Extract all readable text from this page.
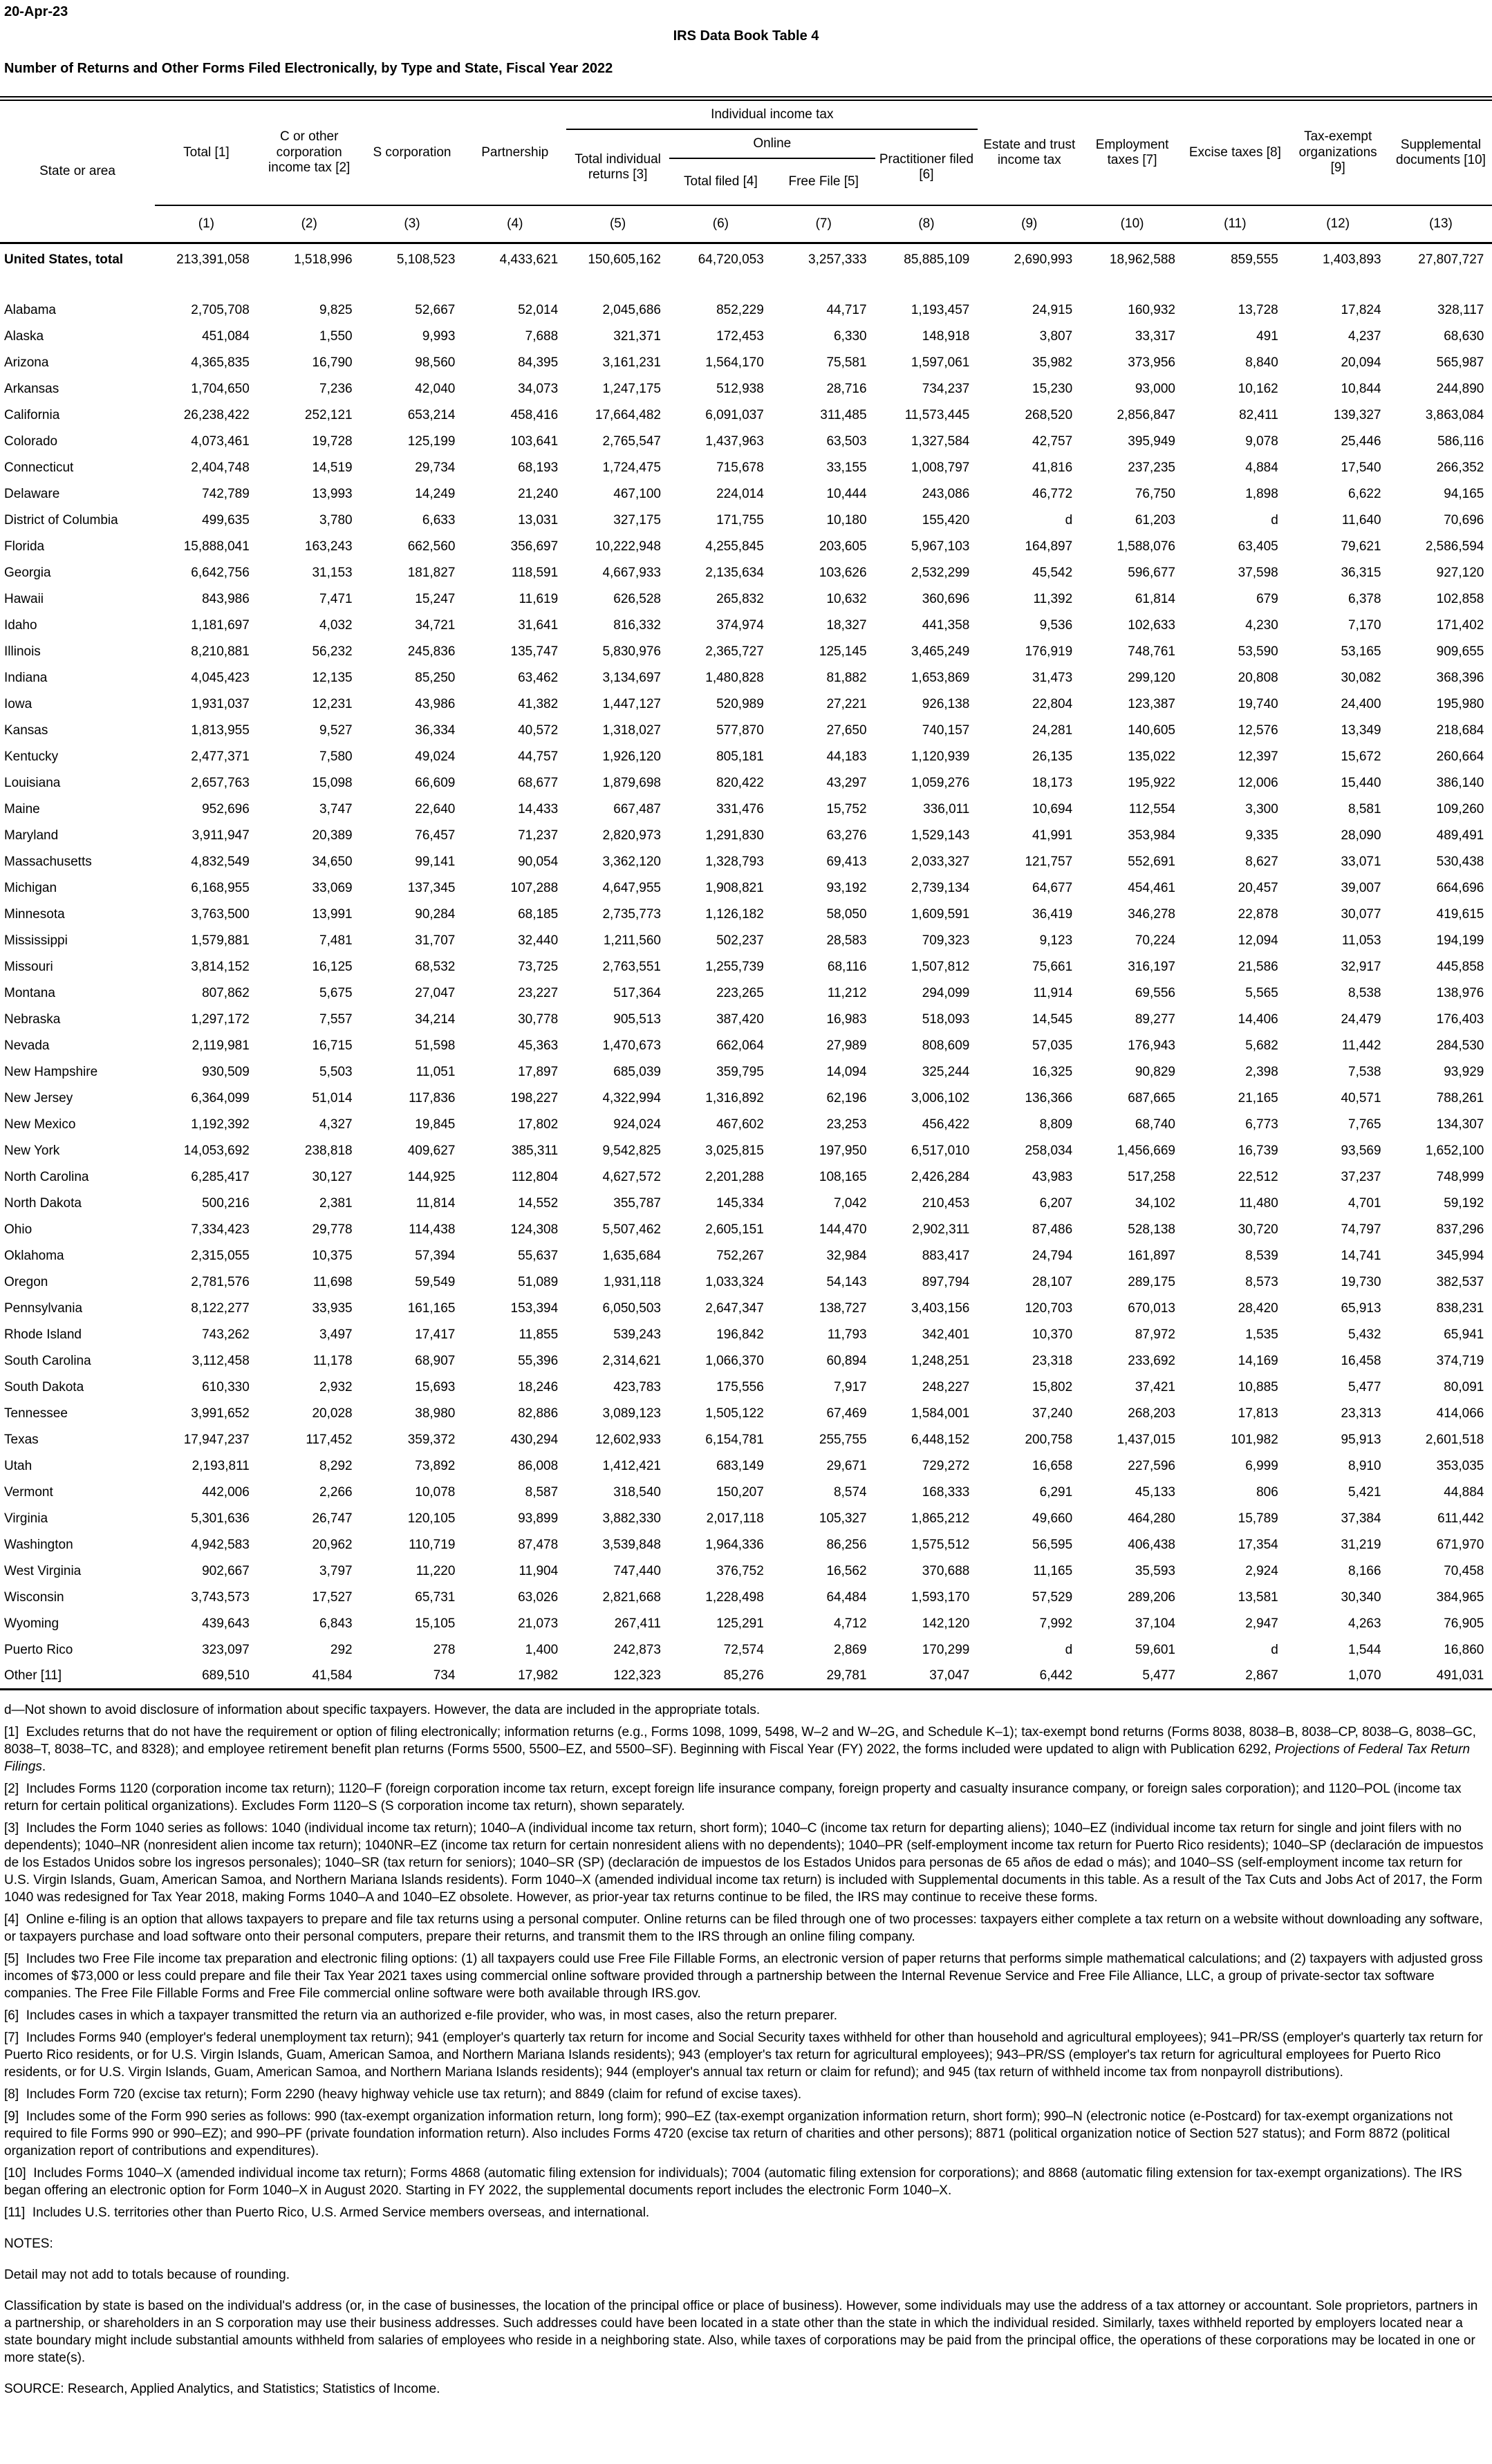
20-Apr-23
IRS Data Book Table 4
Number of Returns and Other Forms Filed Electronically, by Type and State, Fiscal Year 2022
State or area	Total [1]	C or other corporation income tax [2]	S corporation	Partnership	Individual income tax				Estate and trust income tax	Employment taxes [7]	Excise taxes [8]	Tax-exempt organizations [9]	Supplemental documents [10]
					Total individual returns [3]	Online		Practitioner filed [6]					
						Total filed [4]	Free File [5]						
	(1)	(2)	(3)	(4)	(5)	(6)	(7)	(8)	(9)	(10)	(11)	(12)	(13)
United States, total	213,391,058	1,518,996	5,108,523	4,433,621	150,605,162	64,720,053	3,257,333	85,885,109	2,690,993	18,962,588	859,555	1,403,893	27,807,727

Alabama	2,705,708	9,825	52,667	52,014	2,045,686	852,229	44,717	1,193,457	24,915	160,932	13,728	17,824	328,117
Alaska	451,084	1,550	9,993	7,688	321,371	172,453	6,330	148,918	3,807	33,317	491	4,237	68,630
Arizona	4,365,835	16,790	98,560	84,395	3,161,231	1,564,170	75,581	1,597,061	35,982	373,956	8,840	20,094	565,987
Arkansas	1,704,650	7,236	42,040	34,073	1,247,175	512,938	28,716	734,237	15,230	93,000	10,162	10,844	244,890
California	26,238,422	252,121	653,214	458,416	17,664,482	6,091,037	311,485	11,573,445	268,520	2,856,847	82,411	139,327	3,863,084
Colorado	4,073,461	19,728	125,199	103,641	2,765,547	1,437,963	63,503	1,327,584	42,757	395,949	9,078	25,446	586,116
Connecticut	2,404,748	14,519	29,734	68,193	1,724,475	715,678	33,155	1,008,797	41,816	237,235	4,884	17,540	266,352
Delaware	742,789	13,993	14,249	21,240	467,100	224,014	10,444	243,086	46,772	76,750	1,898	6,622	94,165
District of Columbia	499,635	3,780	6,633	13,031	327,175	171,755	10,180	155,420	d	61,203	d	11,640	70,696
Florida	15,888,041	163,243	662,560	356,697	10,222,948	4,255,845	203,605	5,967,103	164,897	1,588,076	63,405	79,621	2,586,594
Georgia	6,642,756	31,153	181,827	118,591	4,667,933	2,135,634	103,626	2,532,299	45,542	596,677	37,598	36,315	927,120
Hawaii	843,986	7,471	15,247	11,619	626,528	265,832	10,632	360,696	11,392	61,814	679	6,378	102,858
Idaho	1,181,697	4,032	34,721	31,641	816,332	374,974	18,327	441,358	9,536	102,633	4,230	7,170	171,402
Illinois	8,210,881	56,232	245,836	135,747	5,830,976	2,365,727	125,145	3,465,249	176,919	748,761	53,590	53,165	909,655
Indiana	4,045,423	12,135	85,250	63,462	3,134,697	1,480,828	81,882	1,653,869	31,473	299,120	20,808	30,082	368,396
Iowa	1,931,037	12,231	43,986	41,382	1,447,127	520,989	27,221	926,138	22,804	123,387	19,740	24,400	195,980
Kansas	1,813,955	9,527	36,334	40,572	1,318,027	577,870	27,650	740,157	24,281	140,605	12,576	13,349	218,684
Kentucky	2,477,371	7,580	49,024	44,757	1,926,120	805,181	44,183	1,120,939	26,135	135,022	12,397	15,672	260,664
Louisiana	2,657,763	15,098	66,609	68,677	1,879,698	820,422	43,297	1,059,276	18,173	195,922	12,006	15,440	386,140
Maine	952,696	3,747	22,640	14,433	667,487	331,476	15,752	336,011	10,694	112,554	3,300	8,581	109,260
Maryland	3,911,947	20,389	76,457	71,237	2,820,973	1,291,830	63,276	1,529,143	41,991	353,984	9,335	28,090	489,491
Massachusetts	4,832,549	34,650	99,141	90,054	3,362,120	1,328,793	69,413	2,033,327	121,757	552,691	8,627	33,071	530,438
Michigan	6,168,955	33,069	137,345	107,288	4,647,955	1,908,821	93,192	2,739,134	64,677	454,461	20,457	39,007	664,696
Minnesota	3,763,500	13,991	90,284	68,185	2,735,773	1,126,182	58,050	1,609,591	36,419	346,278	22,878	30,077	419,615
Mississippi	1,579,881	7,481	31,707	32,440	1,211,560	502,237	28,583	709,323	9,123	70,224	12,094	11,053	194,199
Missouri	3,814,152	16,125	68,532	73,725	2,763,551	1,255,739	68,116	1,507,812	75,661	316,197	21,586	32,917	445,858
Montana	807,862	5,675	27,047	23,227	517,364	223,265	11,212	294,099	11,914	69,556	5,565	8,538	138,976
Nebraska	1,297,172	7,557	34,214	30,778	905,513	387,420	16,983	518,093	14,545	89,277	14,406	24,479	176,403
Nevada	2,119,981	16,715	51,598	45,363	1,470,673	662,064	27,989	808,609	57,035	176,943	5,682	11,442	284,530
New Hampshire	930,509	5,503	11,051	17,897	685,039	359,795	14,094	325,244	16,325	90,829	2,398	7,538	93,929
New Jersey	6,364,099	51,014	117,836	198,227	4,322,994	1,316,892	62,196	3,006,102	136,366	687,665	21,165	40,571	788,261
New Mexico	1,192,392	4,327	19,845	17,802	924,024	467,602	23,253	456,422	8,809	68,740	6,773	7,765	134,307
New York	14,053,692	238,818	409,627	385,311	9,542,825	3,025,815	197,950	6,517,010	258,034	1,456,669	16,739	93,569	1,652,100
North Carolina	6,285,417	30,127	144,925	112,804	4,627,572	2,201,288	108,165	2,426,284	43,983	517,258	22,512	37,237	748,999
North Dakota	500,216	2,381	11,814	14,552	355,787	145,334	7,042	210,453	6,207	34,102	11,480	4,701	59,192
Ohio	7,334,423	29,778	114,438	124,308	5,507,462	2,605,151	144,470	2,902,311	87,486	528,138	30,720	74,797	837,296
Oklahoma	2,315,055	10,375	57,394	55,637	1,635,684	752,267	32,984	883,417	24,794	161,897	8,539	14,741	345,994
Oregon	2,781,576	11,698	59,549	51,089	1,931,118	1,033,324	54,143	897,794	28,107	289,175	8,573	19,730	382,537
Pennsylvania	8,122,277	33,935	161,165	153,394	6,050,503	2,647,347	138,727	3,403,156	120,703	670,013	28,420	65,913	838,231
Rhode Island	743,262	3,497	17,417	11,855	539,243	196,842	11,793	342,401	10,370	87,972	1,535	5,432	65,941
South Carolina	3,112,458	11,178	68,907	55,396	2,314,621	1,066,370	60,894	1,248,251	23,318	233,692	14,169	16,458	374,719
South Dakota	610,330	2,932	15,693	18,246	423,783	175,556	7,917	248,227	15,802	37,421	10,885	5,477	80,091
Tennessee	3,991,652	20,028	38,980	82,886	3,089,123	1,505,122	67,469	1,584,001	37,240	268,203	17,813	23,313	414,066
Texas	17,947,237	117,452	359,372	430,294	12,602,933	6,154,781	255,755	6,448,152	200,758	1,437,015	101,982	95,913	2,601,518
Utah	2,193,811	8,292	73,892	86,008	1,412,421	683,149	29,671	729,272	16,658	227,596	6,999	8,910	353,035
Vermont	442,006	2,266	10,078	8,587	318,540	150,207	8,574	168,333	6,291	45,133	806	5,421	44,884
Virginia	5,301,636	26,747	120,105	93,899	3,882,330	2,017,118	105,327	1,865,212	49,660	464,280	15,789	37,384	611,442
Washington	4,942,583	20,962	110,719	87,478	3,539,848	1,964,336	86,256	1,575,512	56,595	406,438	17,354	31,219	671,970
West Virginia	902,667	3,797	11,220	11,904	747,440	376,752	16,562	370,688	11,165	35,593	2,924	8,166	70,458
Wisconsin	3,743,573	17,527	65,731	63,026	2,821,668	1,228,498	64,484	1,593,170	57,529	289,206	13,581	30,340	384,965
Wyoming	439,643	6,843	15,105	21,073	267,411	125,291	4,712	142,120	7,992	37,104	2,947	4,263	76,905
Puerto Rico	323,097	292	278	1,400	242,873	72,574	2,869	170,299	d	59,601	d	1,544	16,860
Other [11]	689,510	41,584	734	17,982	122,323	85,276	29,781	37,047	6,442	5,477	2,867	1,070	491,031

d—Not shown to avoid disclosure of information about specific taxpayers. However, the data are included in the appropriate totals.

[1]  Excludes returns that do not have the requirement or option of filing electronically; information returns (e.g., Forms 1098, 1099, 5498, W–2 and W–2G, and Schedule K–1); tax-exempt bond returns (Forms 8038, 8038–B, 8038–CP, 8038–G, 8038–GC, 8038–T, 8038–TC, and 8328); and employee retirement benefit plan returns (Forms 5500, 5500–EZ, and 5500–SF). Beginning with Fiscal Year (FY) 2022, the forms included were updated to align with Publication 6292, Projections of Federal Tax Return Filings.

[2]  Includes Forms 1120 (corporation income tax return); 1120–F (foreign corporation income tax return, except foreign life insurance company, foreign property and casualty insurance company, or foreign sales corporation); and 1120–POL (income tax return for certain political organizations). Excludes Form 1120–S (S corporation income tax return), shown separately.

[3]  Includes the Form 1040 series as follows: 1040 (individual income tax return); 1040–A (individual income tax return, short form); 1040–C (income tax return for departing aliens); 1040–EZ (individual income tax return for single and joint filers with no dependents); 1040–NR (nonresident alien income tax return); 1040NR–EZ (income tax return for certain nonresident aliens with no dependents); 1040–PR (self-employment income tax return for Puerto Rico residents); 1040–SP (declaración de impuestos de los Estados Unidos sobre los ingresos personales); 1040–SR (tax return for seniors); 1040–SR (SP) (declaración de impuestos de los Estados Unidos para personas de 65 años de edad o más); and 1040–SS (self-employment income tax return for U.S. Virgin Islands, Guam, American Samoa, and Northern Mariana Islands residents). Form 1040–X (amended individual income tax return) is included with Supplemental documents in this table. As a result of the Tax Cuts and Jobs Act of 2017, the Form 1040 was redesigned for Tax Year 2018, making Forms 1040–A and 1040–EZ obsolete. However, as prior-year tax returns continue to be filed, the IRS may continue to receive these forms.

[4]  Online e-filing is an option that allows taxpayers to prepare and file tax returns using a personal computer. Online returns can be filed through one of two processes: taxpayers either complete a tax return on a website without downloading any software, or taxpayers purchase and load software onto their personal computers, prepare their returns, and transmit them to the IRS through an online filing company.

[5]  Includes two Free File income tax preparation and electronic filing options: (1) all taxpayers could use Free File Fillable Forms, an electronic version of paper returns that performs simple mathematical calculations; and (2) taxpayers with adjusted gross incomes of $73,000 or less could prepare and file their Tax Year 2021 taxes using commercial online software provided through a partnership between the Internal Revenue Service and Free File Alliance, LLC, a group of private-sector tax software companies. The Free File Fillable Forms and Free File commercial online software were both available through IRS.gov.

[6]  Includes cases in which a taxpayer transmitted the return via an authorized e-file provider, who was, in most cases, also the return preparer.

[7]  Includes Forms 940 (employer's federal unemployment tax return); 941 (employer's quarterly tax return for income and Social Security taxes withheld for other than household and agricultural employees); 941–PR/SS (employer's quarterly tax return for Puerto Rico residents, or for U.S. Virgin Islands, Guam, American Samoa, and Northern Mariana Islands residents); 943 (employer's tax return for agricultural employees); 943–PR/SS (employer's tax return for agricultural employees for Puerto Rico residents, or for U.S. Virgin Islands, Guam, American Samoa, and Northern Mariana Islands residents); 944 (employer's annual tax return or claim for refund); and 945 (tax return of withheld income tax from nonpayroll distributions).

[8]  Includes Form 720 (excise tax return); Form 2290 (heavy highway vehicle use tax return); and 8849 (claim for refund of excise taxes).

[9]  Includes some of the Form 990 series as follows: 990 (tax-exempt organization information return, long form); 990–EZ (tax-exempt organization information return, short form); 990–N (electronic notice (e-Postcard) for tax-exempt organizations not required to file Forms 990 or 990–EZ); and 990–PF (private foundation information return). Also includes Forms 4720 (excise tax return of charities and other persons); 8871 (political organization notice of Section 527 status); and Form 8872 (political organization report of contributions and expenditures).

[10]  Includes Forms 1040–X (amended individual income tax return); Forms 4868 (automatic filing extension for individuals); 7004 (automatic filing extension for corporations); and 8868 (automatic filing extension for tax-exempt organizations). The IRS began offering an electronic option for Form 1040–X in August 2020. Starting in FY 2022, the supplemental documents report includes the electronic Form 1040–X.

[11]  Includes U.S. territories other than Puerto Rico, U.S. Armed Service members overseas, and international.

NOTES:

Detail may not add to totals because of rounding.

Classification by state is based on the individual's address (or, in the case of businesses, the location of the principal office or place of business). However, some individuals may use the address of a tax attorney or accountant. Sole proprietors, partners in a partnership, or shareholders in an S corporation may use their business addresses. Such addresses could have been located in a state other than the state in which the individual resided. Similarly, taxes withheld reported by employers located near a state boundary might include substantial amounts withheld from salaries of employees who reside in a neighboring state. Also, while taxes of corporations may be paid from the principal office, the operations of these corporations may be located in one or more state(s).

SOURCE: Research, Applied Analytics, and Statistics; Statistics of Income.
